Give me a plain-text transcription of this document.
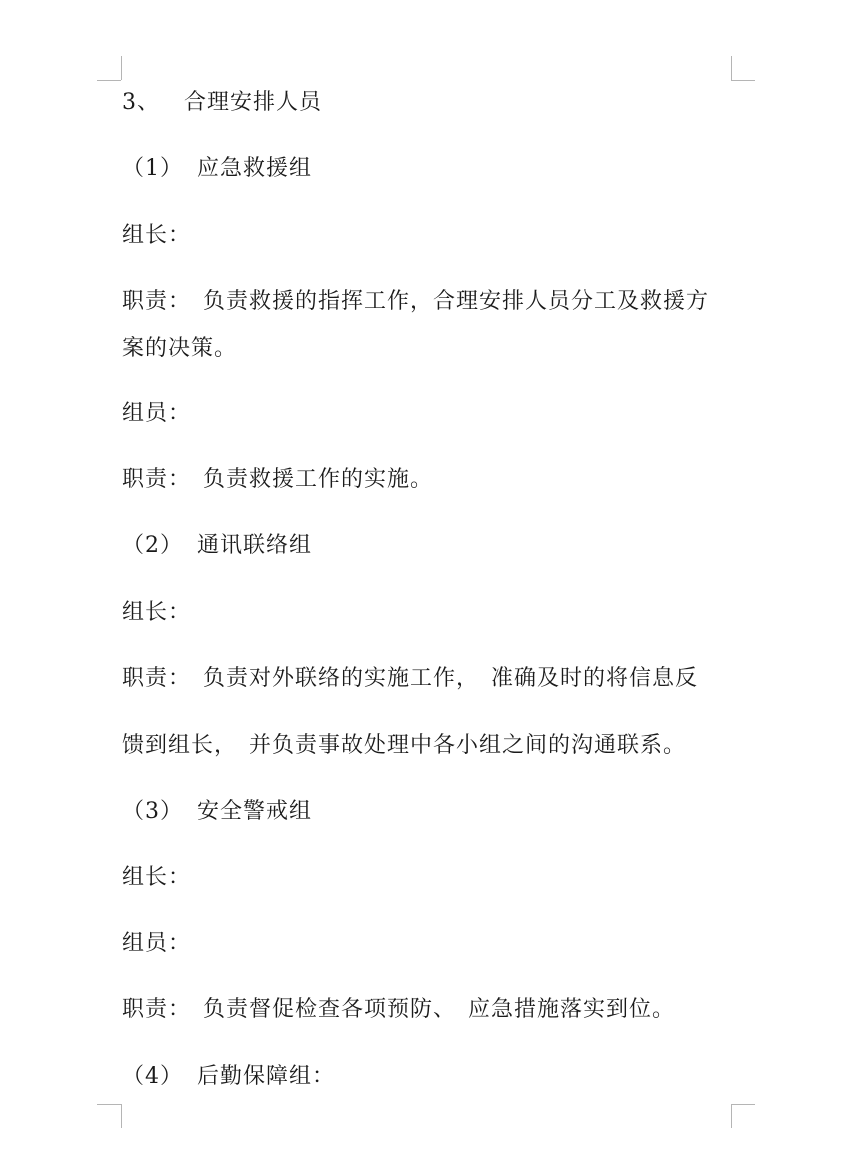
3、 合理安排人员
（1） 应急救援组
组长：
职责： 负责救援的指挥工作，合理安排人员分工及救援方
案的决策。
组员：
职责： 负责救援工作的实施。
（2） 通讯联络组
组长：
职责： 负责对外联络的实施工作， 准确及时的将信息反
馈到组长， 并负责事故处理中各小组之间的沟通联系。
（3） 安全警戒组
组长：
组员：
职责： 负责督促检查各项预防、 应急措施落实到位。
（4） 后勤保障组：
